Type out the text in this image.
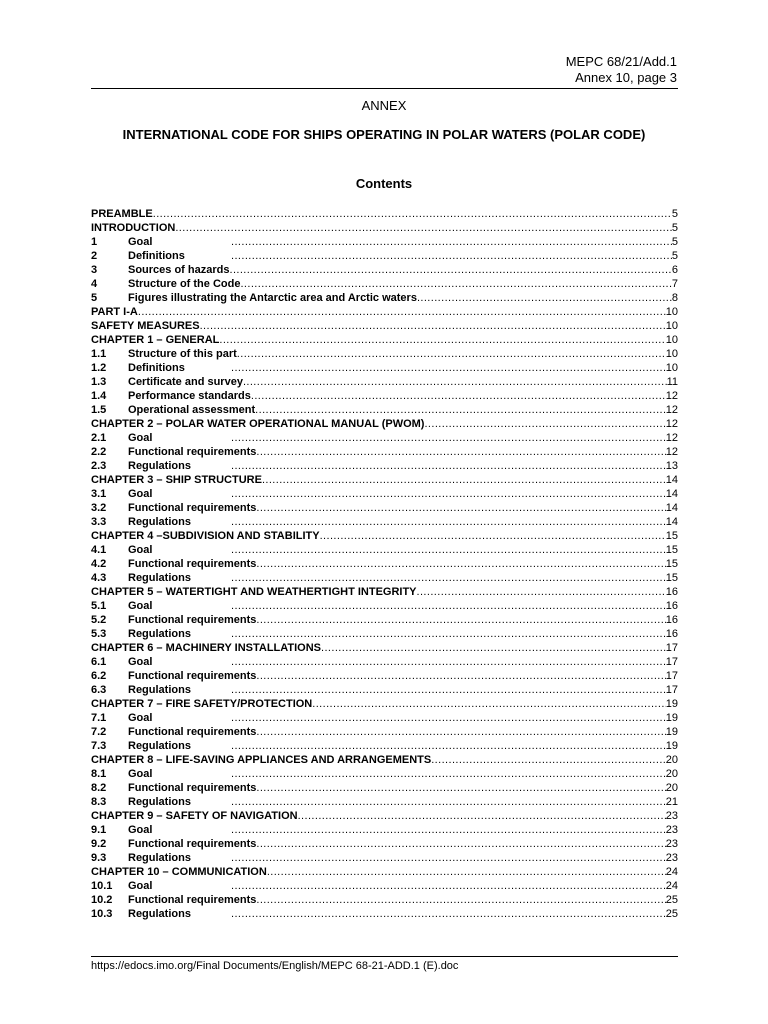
MEPC 68/21/Add.1
Annex 10, page 3
ANNEX
INTERNATIONAL CODE FOR SHIPS OPERATING IN POLAR WATERS (POLAR CODE)
Contents
PREAMBLE .....	5
INTRODUCTION .....	5
1	Goal .....	5
2	Definitions .....	5
3	Sources of hazards .....	6
4	Structure of the Code .....	7
5	Figures illustrating the Antarctic area and Arctic waters .....	8
PART I-A .....	10
SAFETY MEASURES .....	10
CHAPTER 1 – GENERAL .....	10
1.1	Structure of this part .....	10
1.2	Definitions .....	10
1.3	Certificate and survey .....	11
1.4	Performance standards .....	12
1.5	Operational assessment .....	12
CHAPTER 2 – POLAR WATER OPERATIONAL MANUAL (PWOM) .....	12
2.1	Goal .....	12
2.2	Functional requirements .....	12
2.3	Regulations .....	13
CHAPTER 3 – SHIP STRUCTURE .....	14
3.1	Goal .....	14
3.2	Functional requirements .....	14
3.3	Regulations .....	14
CHAPTER 4 –SUBDIVISION AND STABILITY .....	15
4.1	Goal .....	15
4.2	Functional requirements .....	15
4.3	Regulations .....	15
CHAPTER 5 – WATERTIGHT AND WEATHERTIGHT INTEGRITY .....	16
5.1	Goal .....	16
5.2	Functional requirements .....	16
5.3	Regulations .....	16
CHAPTER 6 – MACHINERY INSTALLATIONS .....	17
6.1	Goal .....	17
6.2	Functional requirements .....	17
6.3	Regulations .....	17
CHAPTER 7 – FIRE SAFETY/PROTECTION .....	19
7.1	Goal .....	19
7.2	Functional requirements .....	19
7.3	Regulations .....	19
CHAPTER 8 – LIFE-SAVING APPLIANCES AND ARRANGEMENTS .....	20
8.1	Goal .....	20
8.2	Functional requirements .....	20
8.3	Regulations .....	21
CHAPTER 9 – SAFETY OF NAVIGATION .....	23
9.1	Goal .....	23
9.2	Functional requirements .....	23
9.3	Regulations .....	23
CHAPTER 10 – COMMUNICATION .....	24
10.1	Goal .....	24
10.2	Functional requirements .....	25
10.3	Regulations .....	25
https://edocs.imo.org/Final Documents/English/MEPC 68-21-ADD.1 (E).doc
